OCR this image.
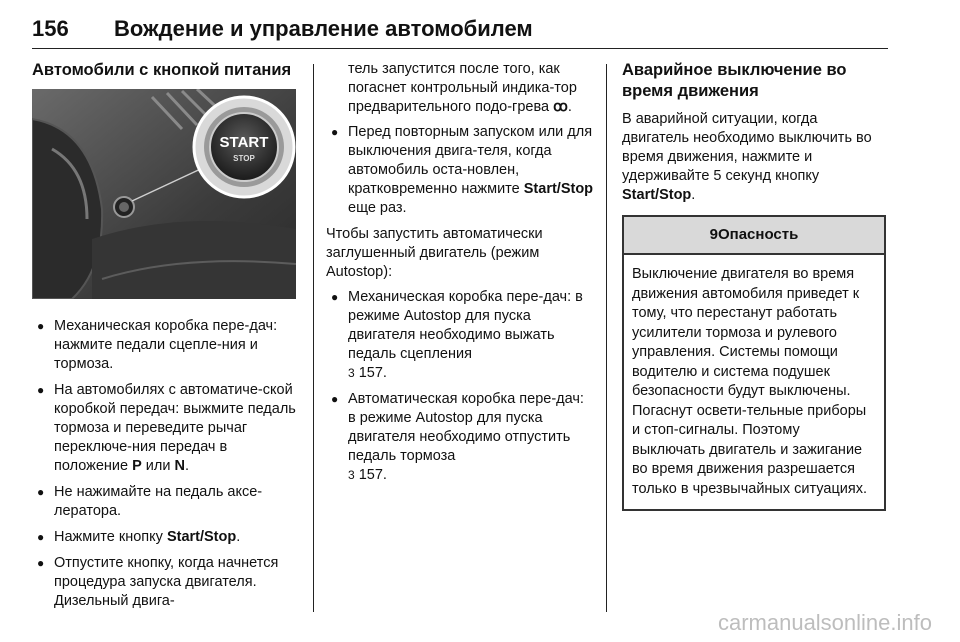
156 Вождение и управление автомобилем
Автомобили с кнопкой питания
START
STOP
● Механическая коробка пере-дач: нажмите педали сцепле-ния и тормоза.
● На автомобилях с автоматиче-ской коробкой передач: выжмите педаль тормоза и переведите рычаг переключе-ния передач в положение P или N.
● Не нажимайте на педаль аксе-лератора.
● Нажмите кнопку Start/Stop.
● Отпустите кнопку, когда начнется процедура запуска двигателя. Дизельный двига-
тель запустится после того, как погаснет контрольный индика-тор предварительного подо-грева ꝏ.
● Перед повторным запуском или для выключения двига-теля, когда автомобиль оста-новлен, кратковременно нажмите Start/Stop еще раз.
Чтобы запустить автоматически заглушенный двигатель (режим Autostop):
● Механическая коробка пере-дач: в режиме Autostop для пуска двигателя необходимо выжать педаль сцепления
3 157.
● Автоматическая коробка пере-дач: в режиме Autostop для пуска двигателя необходимо отпустить педаль тормоза
3 157.
Аварийное выключение во время движения
В аварийной ситуации, когда двигатель необходимо выключить во время движения, нажмите и удерживайте 5 секунд кнопку Start/Stop.
9Опасность
Выключение двигателя во время движения автомобиля приведет к тому, что перестанут работать усилители тормоза и рулевого управления. Системы помощи водителю и система подушек безопасности будут выключены. Погаснут освети-тельные приборы и стоп-сигналы. Поэтому выключать двигатель и зажигание во время движения разрешается только в чрезвычайных ситуациях.
carmanualsonline.info
